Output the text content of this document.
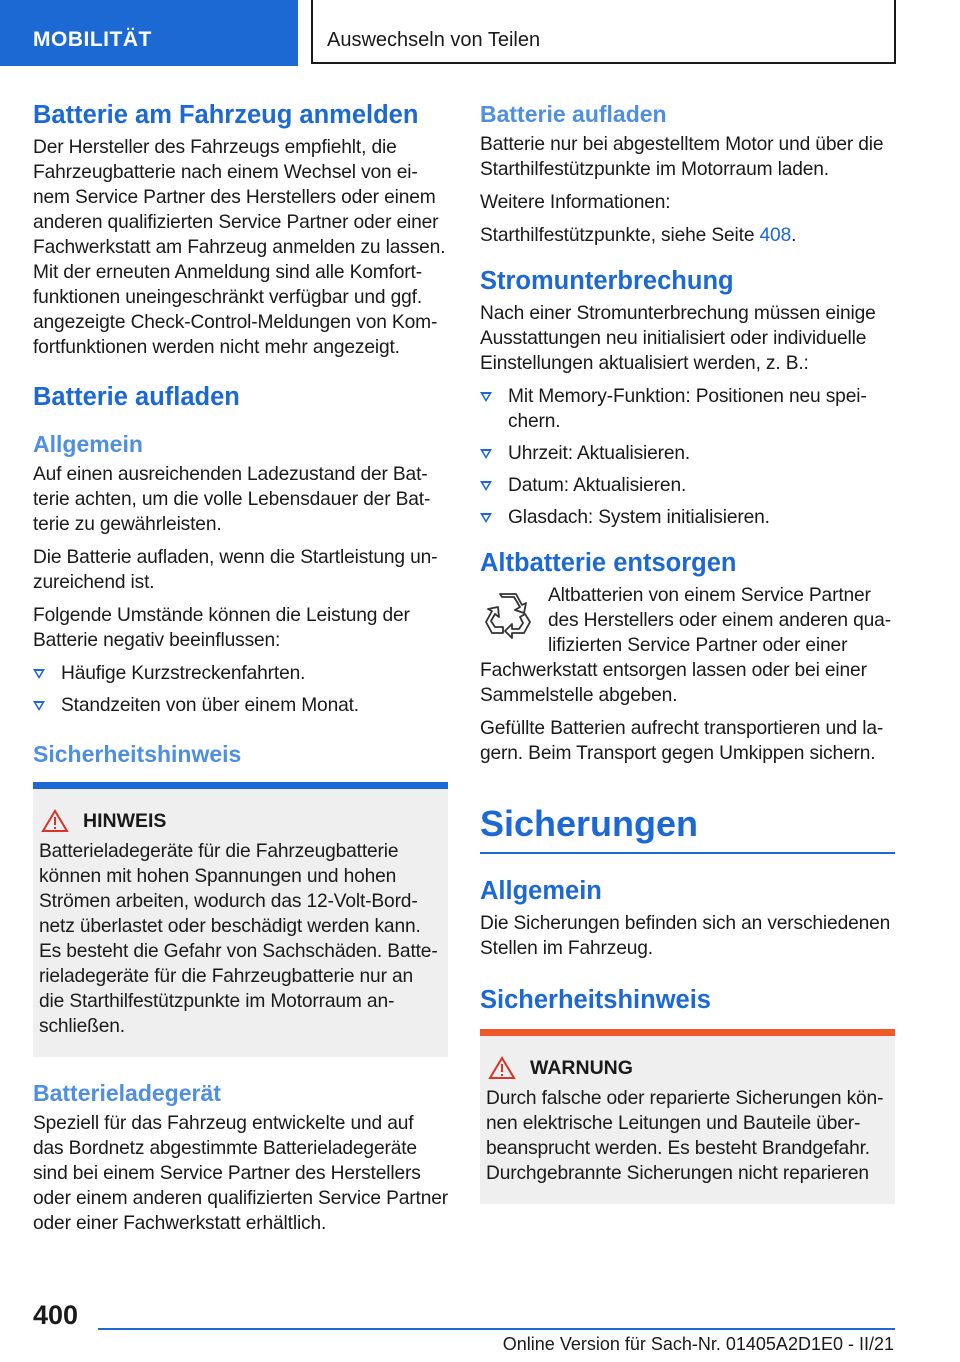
MOBILITÄT	Auswechseln von Teilen
Batterie am Fahrzeug anmelden

Der Hersteller des Fahrzeugs empfiehlt, die Fahrzeugbatterie nach einem Wechsel von einem Service Partner des Herstellers oder einem anderen qualifizierten Service Partner oder einer Fachwerkstatt am Fahrzeug anmelden zu lassen. Mit der erneuten Anmeldung sind alle Komfortfunktionen uneingeschränkt verfügbar und ggf. angezeigte Check-Control-Meldungen von Komfortfunktionen werden nicht mehr angezeigt.

Batterie aufladen
Allgemein

Auf einen ausreichenden Ladezustand der Batterie achten, um die volle Lebensdauer der Batterie zu gewährleisten.

Die Batterie aufladen, wenn die Startleistung unzureichend ist.

Folgende Umstände können die Leistung der Batterie negativ beeinflussen:

Häufige Kurzstreckenfahrten.
Standzeiten von über einem Monat.
Sicherheitshinweis
HINWEIS

Batterieladegeräte für die Fahrzeugbatterie können mit hohen Spannungen und hohen Strömen arbeiten, wodurch das 12-Volt-Bordnetz überlastet oder beschädigt werden kann. Es besteht die Gefahr von Sachschäden. Batterieladegeräte für die Fahrzeugbatterie nur an die Starthilfestützpunkte im Motorraum anschließen.

Batterieladegerät

Speziell für das Fahrzeug entwickelte und auf das Bordnetz abgestimmte Batterieladegeräte sind bei einem Service Partner des Herstellers oder einem anderen qualifizierten Service Partner oder einer Fachwerkstatt erhältlich.

Batterie aufladen

Batterie nur bei abgestelltem Motor und über die Starthilfestützpunkte im Motorraum laden.

Weitere Informationen:

Starthilfestützpunkte, siehe Seite 408.

Stromunterbrechung

Nach einer Stromunterbrechung müssen einige Ausstattungen neu initialisiert oder individuelle Einstellungen aktualisiert werden, z. B.:

Mit Memory-Funktion: Positionen neu speichern.
Uhrzeit: Aktualisieren.
Datum: Aktualisieren.
Glasdach: System initialisieren.
Altbatterie entsorgen

Altbatterien von einem Service Partner des Herstellers oder einem anderen qualifizierten Service Partner oder einer Fachwerkstatt entsorgen lassen oder bei einer Sammelstelle abgeben.

Gefüllte Batterien aufrecht transportieren und lagern. Beim Transport gegen Umkippen sichern.

Sicherungen
Allgemein

Die Sicherungen befinden sich an verschiedenen Stellen im Fahrzeug.

Sicherheitshinweis
WARNUNG

Durch falsche oder reparierte Sicherungen können elektrische Leitungen und Bauteile überbeansprucht werden. Es besteht Brandgefahr. Durchgebrannte Sicherungen nicht reparieren

400
Online Version für Sach-Nr. 01405A2D1E0 - II/21
